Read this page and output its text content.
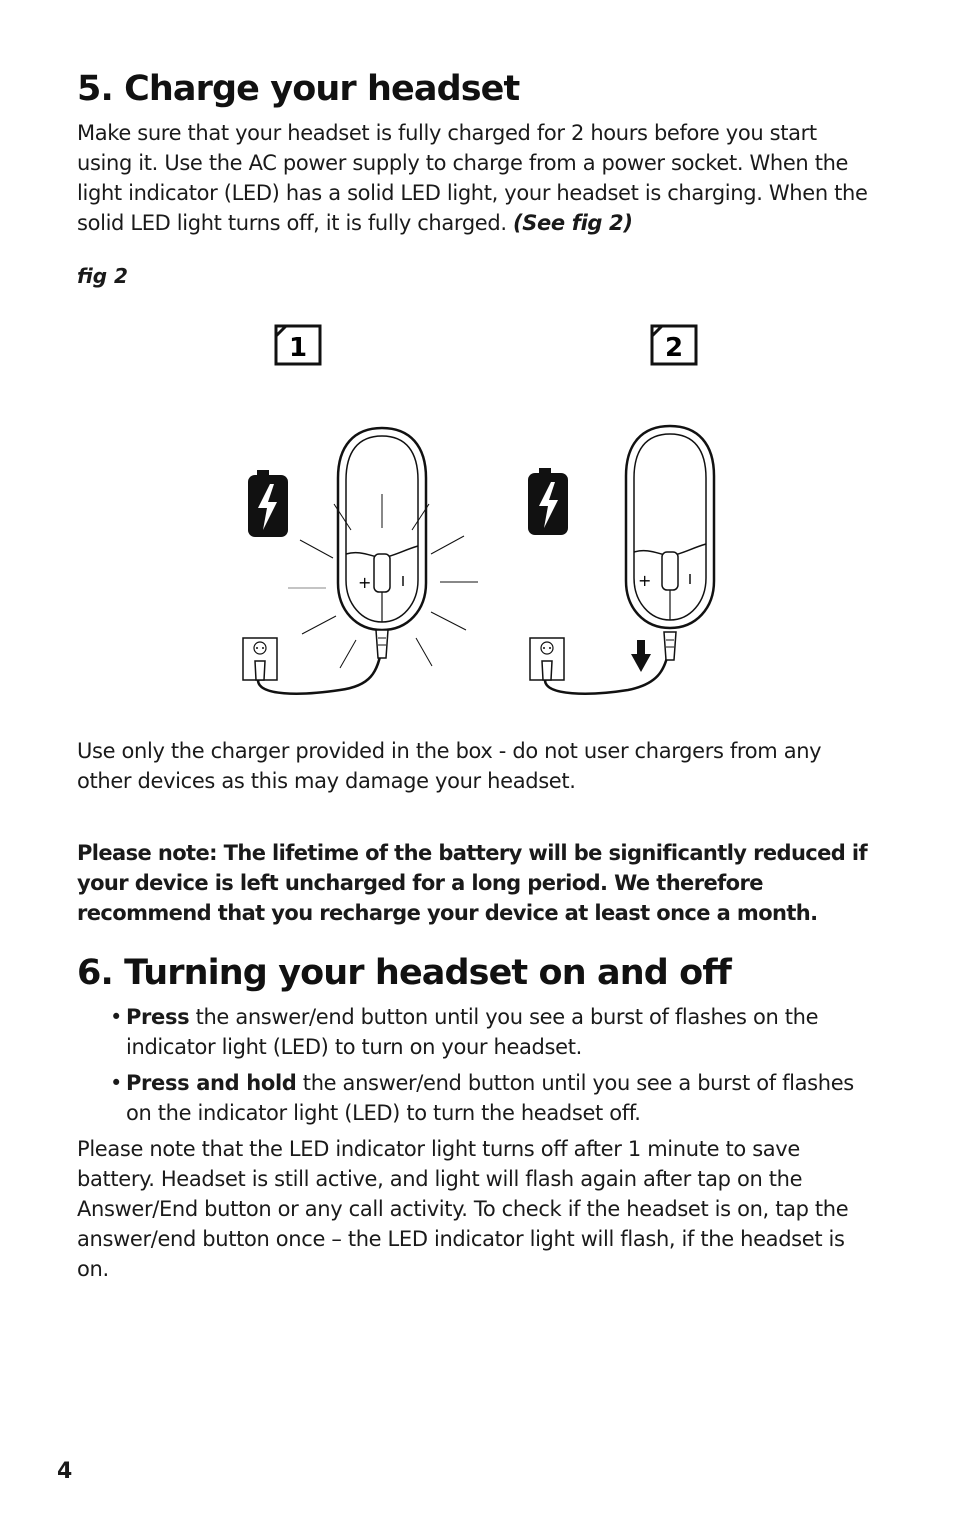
5. Charge your headset

Make sure that your headset is fully charged for 2 hours before you start using it. Use the AC power supply to charge from a power socket. When the light indicator (LED) has a solid LED light, your headset is charging. When the solid LED light turns off, it is fully charged. (See fig 2)

fig 2

Use only the charger provided in the box - do not user chargers from any other devices as this may damage your headset.

Please note: The lifetime of the battery will be significantly reduced if your device is left uncharged for a long period. We therefore recommend that you recharge your device at least once a month.

6. Turning your headset on and off
• Press the answer/end button until you see a burst of flashes on the indicator light (LED) to turn on your headset.
• Press and hold the answer/end button until you see a burst of flashes on the indicator light (LED) to turn the headset off.

Please note that the LED indicator light turns off after 1 minute to save battery. Headset is still active, and light will flash again after tap on the Answer/End button or any call activity. To check if the headset is on, tap the answer/end button once – the LED indicator light will flash, if the headset is on.

1	2
+	+
4
